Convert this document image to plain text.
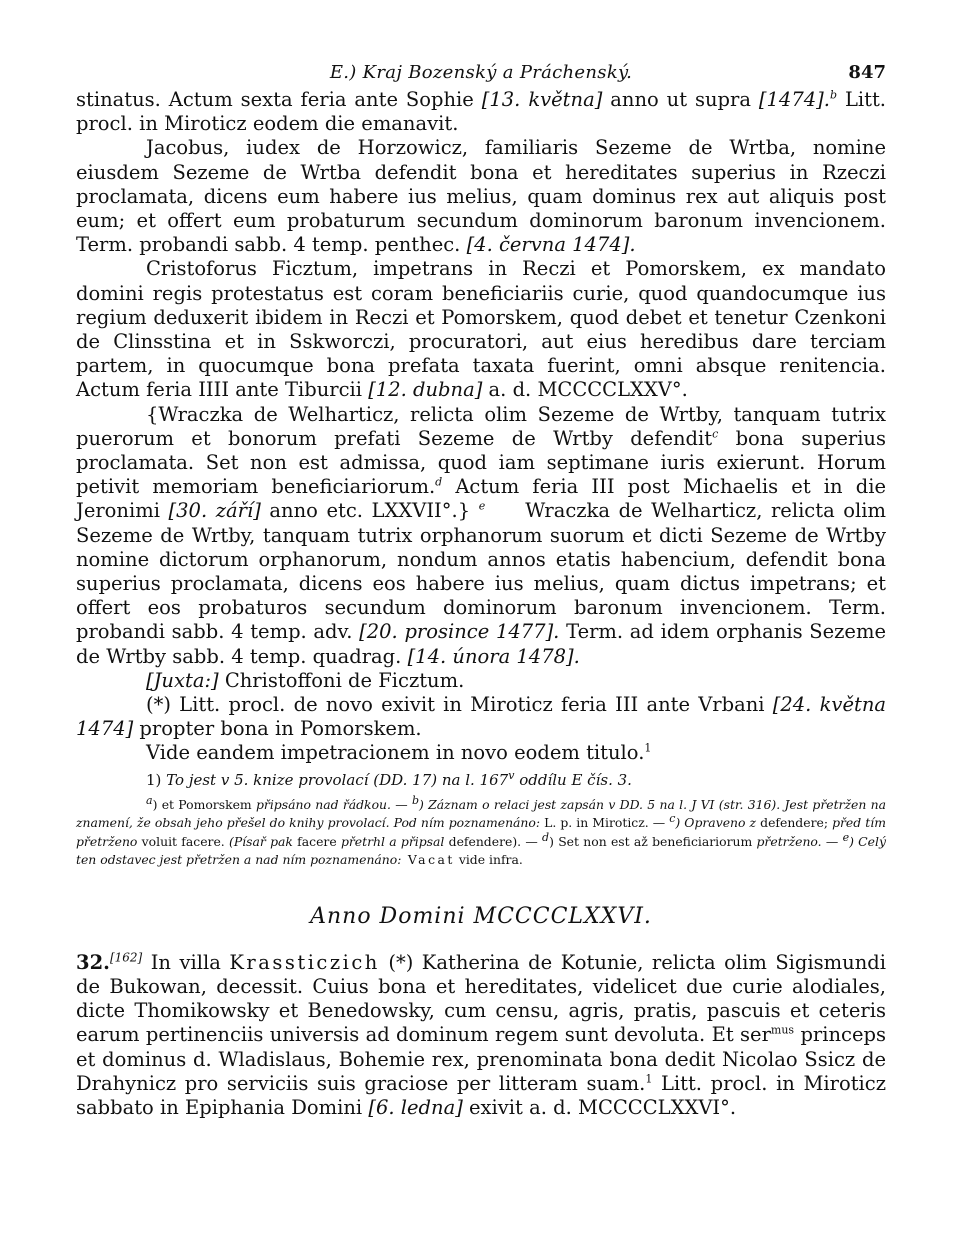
E.) Kraj Bozenský a Práchenský.	847

stinatus. Actum sexta feria ante Sophie [13. května] anno ut supra [1474].$^b$ Litt. procl. in Miroticz eodem die emanavit.

Jacobus, iudex de Horzowicz, familiaris Sezeme de Wrtba, nomine eiusdem Sezeme de Wrtba defendit bona et hereditates superius in Rzeczi proclamata, dicens eum habere ius melius, quam dominus rex aut aliquis post eum; et offert eum probaturum secundum dominorum baronum invencionem. Term. probandi sabb. 4 temp. penthec. [4. června 1474].

Cristoforus Ficztum, impetrans in Reczi et Pomorskem, ex mandato domini regis protestatus est coram beneficiariis curie, quod quandocumque ius regium deduxerit ibidem in Reczi et Pomorskem, quod debet et tenetur Czenkoni de Clinsstina et in Sskworczi, procuratori, aut eius heredibus dare terciam partem, in quocumque bona prefata taxata fuerint, omni absque renitencia. Actum feria IIII ante Tiburcii [12. dubna] a. d. MCCCCLXXV°.

{Wraczka de Welharticz, relicta olim Sezeme de Wrtby, tanquam tutrix puerorum et bonorum prefati Sezeme de Wrtby defendit$^c$ bona superius proclamata. Set non est admissa, quod iam septimane iuris exierunt. Horum petivit memoriam beneficiariorum.$^d$ Actum feria III post Michaelis et in die Jeronimi [30. září] anno etc. LXXVII°.} $^e$ Wraczka de Welharticz, relicta olim Sezeme de Wrtby, tanquam tutrix orphanorum suorum et dicti Sezeme de Wrtby nomine dictorum orphanorum, nondum annos etatis habencium, defendit bona superius proclamata, dicens eos habere ius melius, quam dictus impetrans; et offert eos probaturos secundum dominorum baronum invencionem. Term. probandi sabb. 4 temp. adv. [20. prosince 1477]. Term. ad idem orphanis Sezeme de Wrtby sabb. 4 temp. quadrag. [14. února 1478].

[Juxta:] Christoffoni de Ficztum.

(*) Litt. procl. de novo exivit in Miroticz feria III ante Vrbani [24. května 1474] propter bona in Pomorskem.

Vide eandem impetracionem in novo eodem titulo.$^1$

1) To jest v 5. knize provolací (DD. 17) na l. 167$^v$ oddílu E čís. 3.
$^a$) et Pomorskem připsáno nad řádkou. — $^b$) Záznam o relaci jest zapsán v DD. 5 na l. J VI (str. 316). Jest přetržen na znamení, že obsah jeho přešel do knihy provolací. Pod ním poznamenáno: L. p. in Miroticz. — $^c$) Opraveno z defendere; před tím přetrženo voluit facere. (Písař pak facere přetrhl a připsal defendere). — $^d$) Set non est až beneficiariorum přetrženo. — $^e$) Celý ten odstavec jest přetržen a nad ním poznamenáno: Vacat vide infra.
Anno Domini MCCCCLXXVI.

32.[162] In villa Krassticzich (*) Katherina de Kotunie, relicta olim Sigismundi de Bukowan, decessit. Cuius bona et hereditates, videlicet due curie alodiales, dicte Thomikowsky et Benedowsky, cum censu, agris, pratis, pascuis et ceteris earum pertinenciis universis ad dominum regem sunt devoluta. Et ser$^{mus}$ princeps et dominus d. Wladislaus, Bohemie rex, prenominata bona dedit Nicolao Ssicz de Drahynicz pro serviciis suis graciose per litteram suam.$^1$ Litt. procl. in Miroticz sabbato in Epiphania Domini [6. ledna] exivit a. d. MCCCCLXXVI°.
